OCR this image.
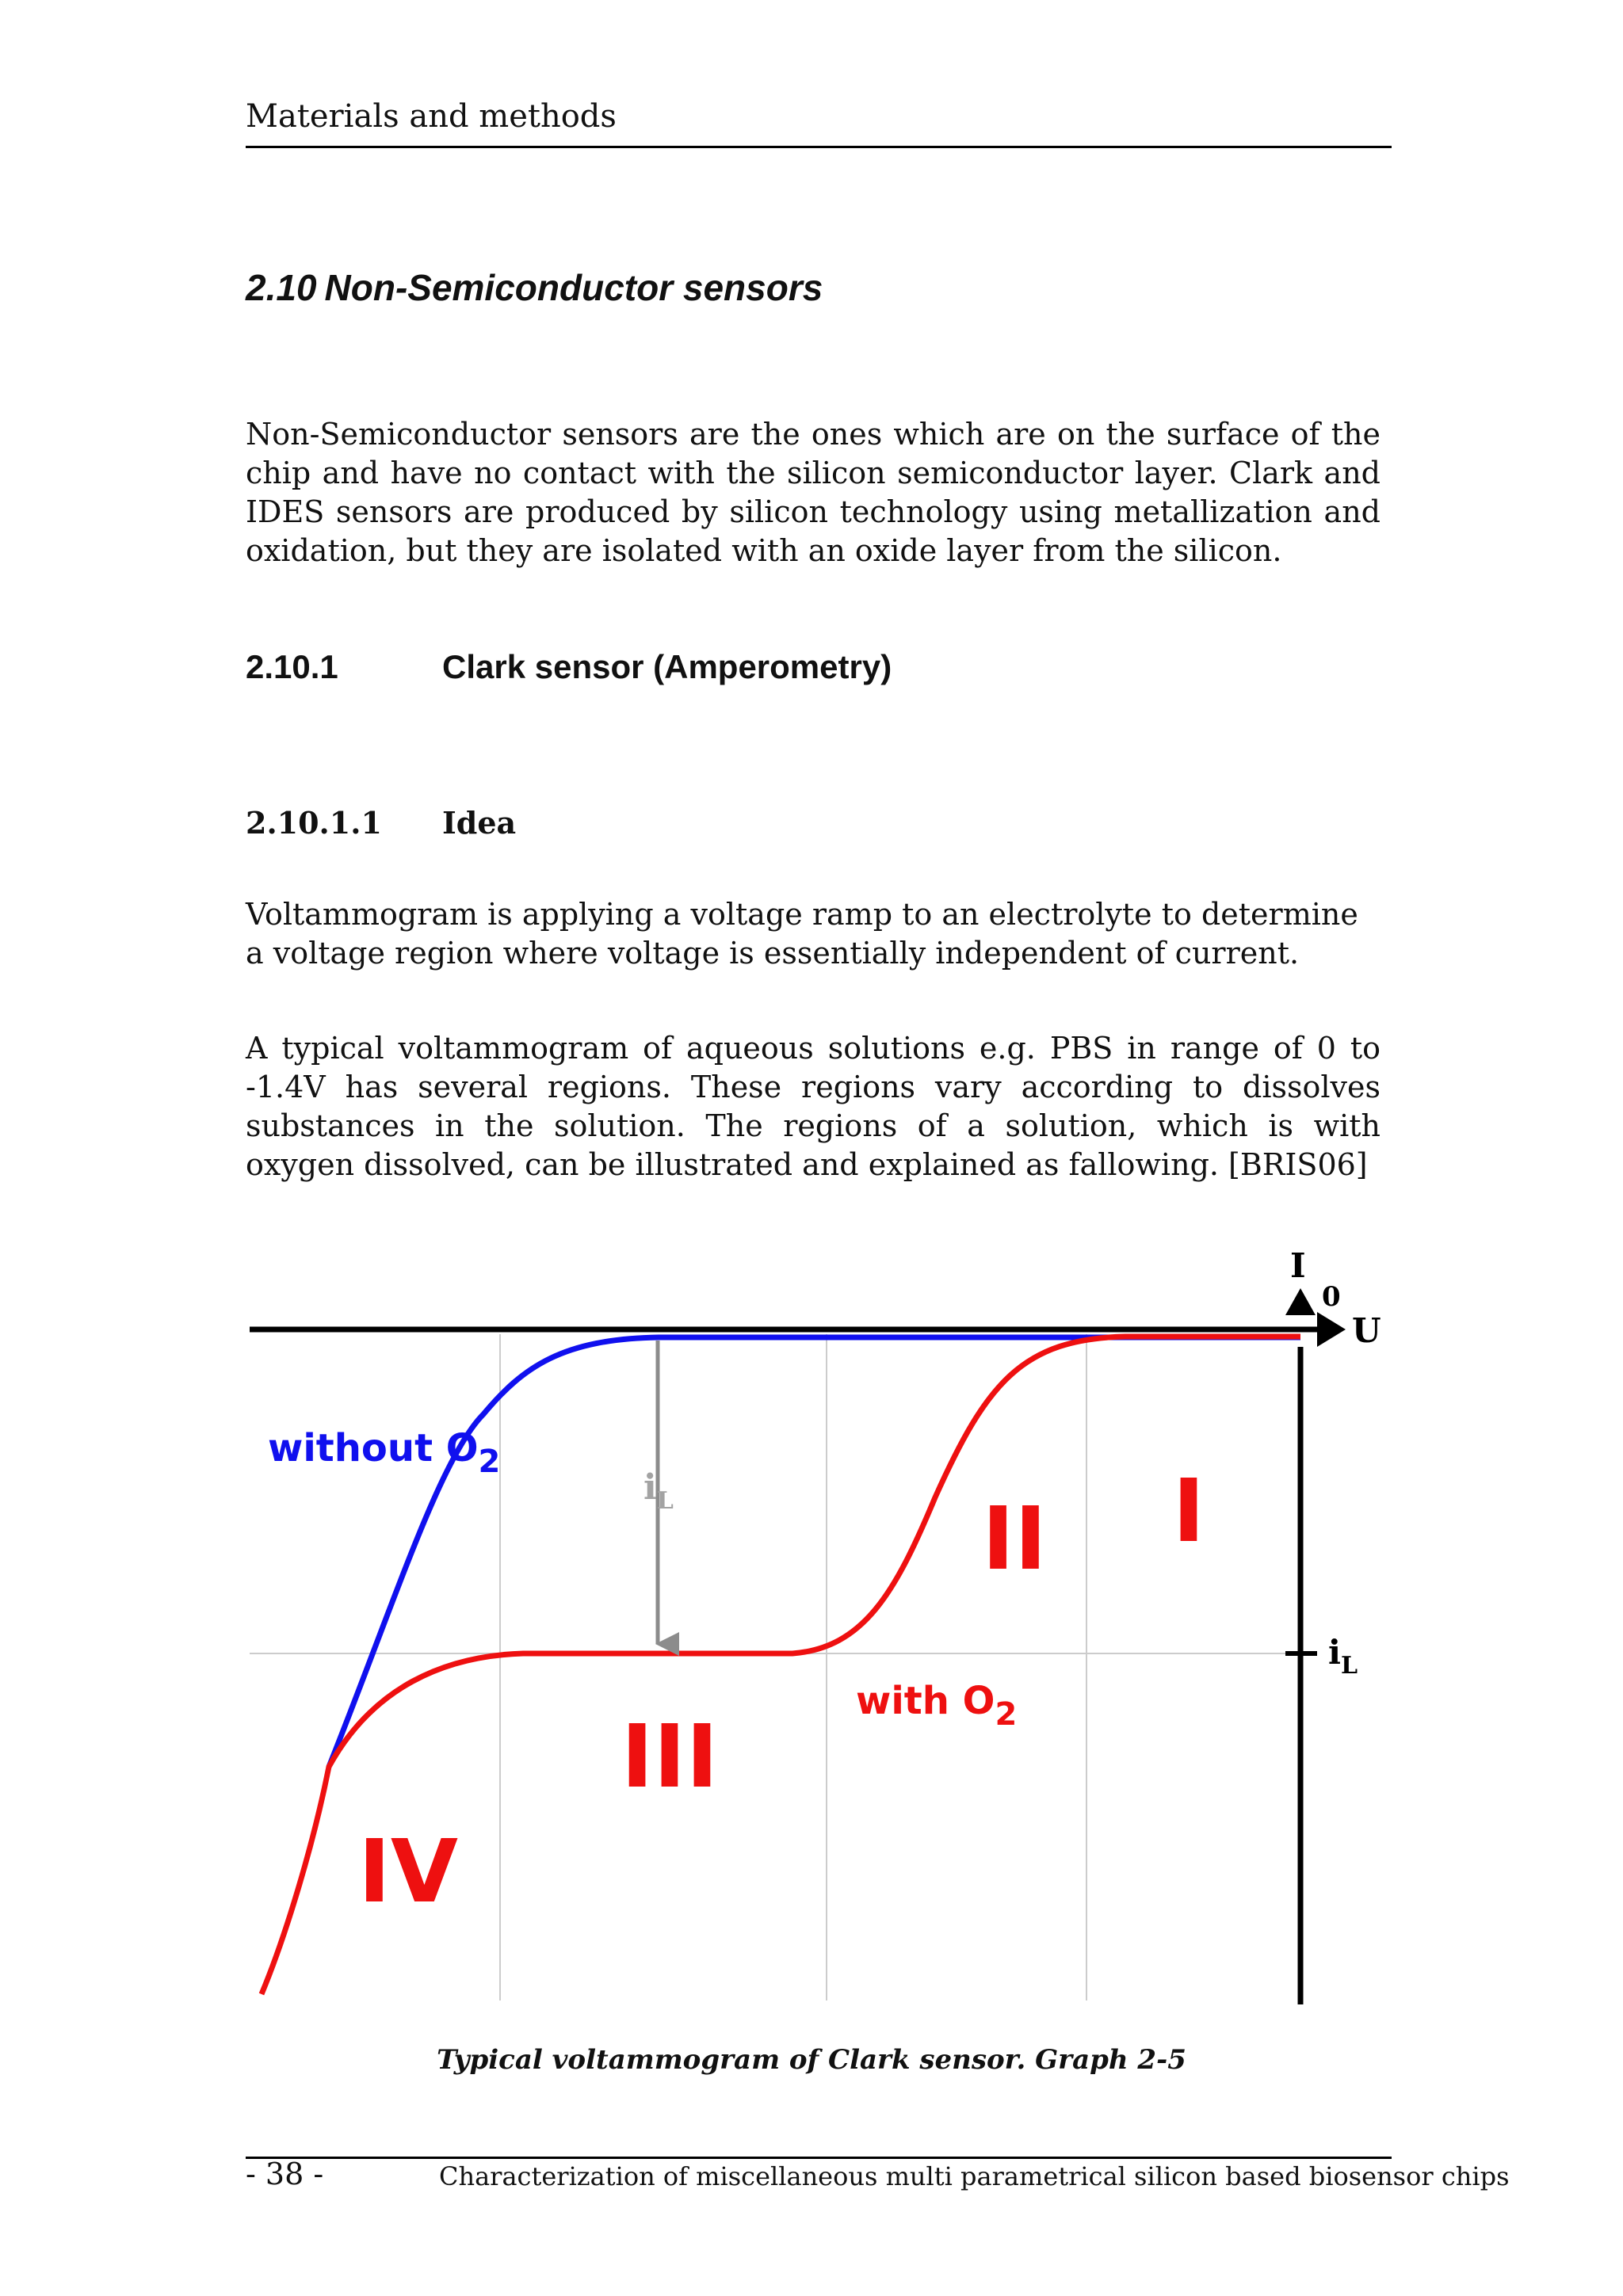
Materials and methods
2.10 Non-Semiconductor sensors

Non-Semiconductor sensors are the ones which are on the surface of the chip and have no contact with the silicon semiconductor layer. Clark and IDES sensors are produced by silicon technology using metallization and oxidation, but they are isolated with an oxide layer from the silicon.

2.10.1	Clark sensor (Amperometry)
2.10.1.1 Idea

Voltammogram is applying a voltage ramp to an electrolyte to determine a voltage region where voltage is essentially independent of current.

A typical voltammogram of aqueous solutions e.g. PBS in range of 0 to -1.4V has several regions. These regions vary according to dissolves substances in the solution. The regions of a solution, which is with oxygen dissolved, can be illustrated and explained as fallowing. [BRIS06]

I
0
U
$i_L$
$i_L$
without $O_2$
with $O_2$
I
II
III
IV
Typical voltammogram of Clark sensor. Graph 2-5
- 38 -	Characterization of miscellaneous multi parametrical silicon based biosensor chips
